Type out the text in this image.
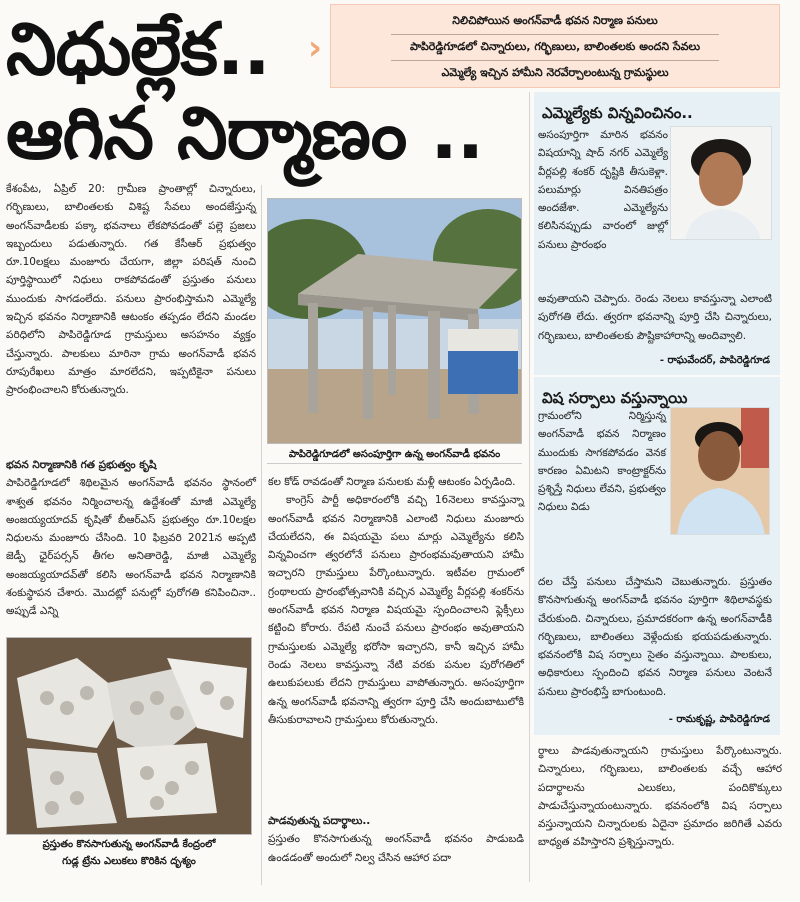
నిధుల్లేక..
ఆగిన నిర్మాణం ..
›
నిలిచిపోయిన అంగన్‌వాడీ భవన నిర్మాణ పనులు
పాపిరెడ్డిగూడలో చిన్నారులు, గర్భిణులు, బాలింతలకు అందని సేవలు
ఎమ్మెల్యే ఇచ్చిన హామీని నెరవేర్చాలంటున్న గ్రామస్థులు
కేశంపేట, ఏప్రిల్ 20: గ్రామీణ ప్రాంతాల్లో చిన్నారులు, గర్భిణులు, బాలింతలకు విశిష్ట సేవలు అందజేస్తున్న అంగన్‌వాడీలకు పక్కా భవనాలు లేకపోవడంతో పల్లె ప్రజలు ఇబ్బందులు పడుతున్నారు. గత కేసీఆర్ ప్రభుత్వం రూ.10లక్షలు మంజూరు చేయగా, జిల్లా పరిషత్ నుంచి పూర్తిస్థాయిలో నిధులు రాకపోవడంతో ప్రస్తుతం పనులు ముందుకు సాగడంలేదు. పనులు ప్రారంభిస్తామని ఎమ్మెల్యే ఇచ్చిన భవనం నిర్మాణానికి ఆటంకం తప్పడం లేదని మండల పరిధిలోని పాపిరెడ్డిగూడ గ్రామస్తులు అసహనం వ్యక్తం చేస్తున్నారు. పాలకులు మారినా గ్రామ అంగన్‌వాడీ భవన రూపురేఖలు మాత్రం మారలేదని, ఇప్పటికైనా పనులు ప్రారంభించాలని కోరుతున్నారు.
భవన నిర్మాణానికి గత ప్రభుత్వం కృషి
పాపిరెడ్డిగూడలో శిథిలమైన అంగన్‌వాడీ భవనం స్థానంలో శాశ్వత భవనం నిర్మించాలన్న ఉద్దేశంతో మాజీ ఎమ్మెల్యే అంజయ్యయాదవ్ కృషితో బీఆర్ఎస్ ప్రభుత్వం రూ.10లక్షల నిధులను మంజూరు చేసింది. 10 ఫిబ్రవరి 2021న అప్పటి జెడ్పీ ఛైర్‌పర్సన్ తీగల అనితారెడ్డి, మాజీ ఎమ్మెల్యే అంజయ్యయాదవ్‌తో కలిసి అంగన్‌వాడీ భవన నిర్మాణానికి శంకుస్థాపన చేశారు. మొదట్లో పనుల్లో పురోగతి కనిపించినా.. అప్పుడే ఎన్ని
ప్రస్తుతం కొనసాగుతున్న అంగన్‌వాడీ కేంద్రంలో
గుడ్ల ట్రేను ఎలుకలు కొరికిన దృశ్యం
పాపిరెడ్డిగూడలో అసంపూర్తిగా ఉన్న అంగన్‌వాడీ భవనం
కల కోడ్ రావడంతో నిర్మాణ పనులకు మళ్లీ ఆటంకం ఏర్పడింది.
కాంగ్రెస్ పార్టీ అధికారంలోకి వచ్చి 16నెలలు కావస్తున్నా అంగన్‌వాడీ భవన నిర్మాణానికి ఎలాంటి నిధులు మంజూరు చేయలేదని, ఈ విషయమై పలు మార్లు ఎమ్మెల్యేను కలిసి విన్నవించగా త్వరలోనే పనులు ప్రారంభమవుతాయని హామీ ఇచ్చారని గ్రామస్తులు పేర్కొంటున్నారు. ఇటీవల గ్రామంలో గ్రంథాలయ ప్రారంభోత్సవానికి వచ్చిన ఎమ్మెల్యే వీర్లపల్లి శంకర్‌ను అంగన్‌వాడీ భవన నిర్మాణ విషయమై స్పందించాలని ఫ్లెక్సీలు కట్టించి కోరారు. రేపటి నుంచే పనులు ప్రారంభం అవుతాయని గ్రామస్తులకు ఎమ్మెల్యే భరోసా ఇచ్చారని, కానీ ఇచ్చిన హామీ రెండు నెలలు కావస్తున్నా నేటి వరకు పనుల పురోగతిలో ఉలుకుపలుకు లేదని గ్రామస్తులు వాపోతున్నారు. అసంపూర్తిగా ఉన్న అంగన్‌వాడీ భవనాన్ని త్వరగా పూర్తి చేసి అందుబాటులోకి తీసుకురావాలని గ్రామస్తులు కోరుతున్నారు.
పాడవుతున్న పదార్థాలు..
ప్రస్తుతం కొనసాగుతున్న అంగన్‌వాడీ భవనం పాడుబడి ఉండడంతో అందులో నిల్వ చేసిన ఆహార పదా
ఎమ్మెల్యేకు విన్నవించినం..
అసంపూర్తిగా మారిన భవనం విషయాన్ని షాద్ నగర్ ఎమ్మెల్యే వీర్లపల్లి శంకర్ దృష్టికి తీసుకెళ్లా. పలుమార్లు వినతిపత్రం అందజేశా. ఎమ్మెల్యేను కలిసినప్పుడు వారంలో జుల్లో పనులు ప్రారంభం
అవుతాయని చెప్పారు. రెండు నెలలు కావస్తున్నా ఎలాంటి పురోగతి లేదు. త్వరగా భవనాన్ని పూర్తి చేసి చిన్నారులు, గర్భిణులు, బాలింతలకు పౌష్టికాహారాన్ని అందివ్వాలి.
- రాఘవేందర్, పాపిరెడ్డిగూడ
విష సర్పాలు వస్తున్నాయి
గ్రామంలోని నిర్మిస్తున్న అంగన్‌వాడీ భవన నిర్మాణం ముందుకు సాగకపోవడం వెనక కారణం ఏమిటని కాంట్రాక్టర్‌ను ప్రశ్నిస్తే నిధులు లేవని, ప్రభుత్వం నిధులు విడు
దల చేస్తే పనులు చేస్తామని చెబుతున్నారు. ప్రస్తుతం కొనసాగుతున్న అంగన్‌వాడీ భవనం పూర్తిగా శిథిలావస్థకు చేరుకుంది. చిన్నారులు, ప్రమాదకరంగా ఉన్న అంగన్‌వాడీకి గర్భిణులు, బాలింతలు వెళ్లేందుకు భయపడుతున్నారు. భవనంలోకి విష సర్పాలు సైతం వస్తున్నాయి. పాలకులు, అధికారులు స్పందించి భవన నిర్మాణ పనులు వెంటనే పనులు ప్రారంభిస్తే బాగుంటుంది.
- రామకృష్ణ, పాపిరెడ్డిగూడ
ర్థాలు పాడవుతున్నాయని గ్రామస్తులు పేర్కొంటున్నారు. చిన్నారులు, గర్భిణులు, బాలింతలకు వచ్చే ఆహార పదార్థాలను ఎలుకలు, పందికొక్కులు పాడుచేస్తున్నాయంటున్నారు. భవనంలోకి విష సర్పాలు వస్తున్నాయని చిన్నారులకు ఏదైనా ప్రమాదం జరిగితే ఎవరు బాధ్యత వహిస్తారని ప్రశ్నిస్తున్నారు.
